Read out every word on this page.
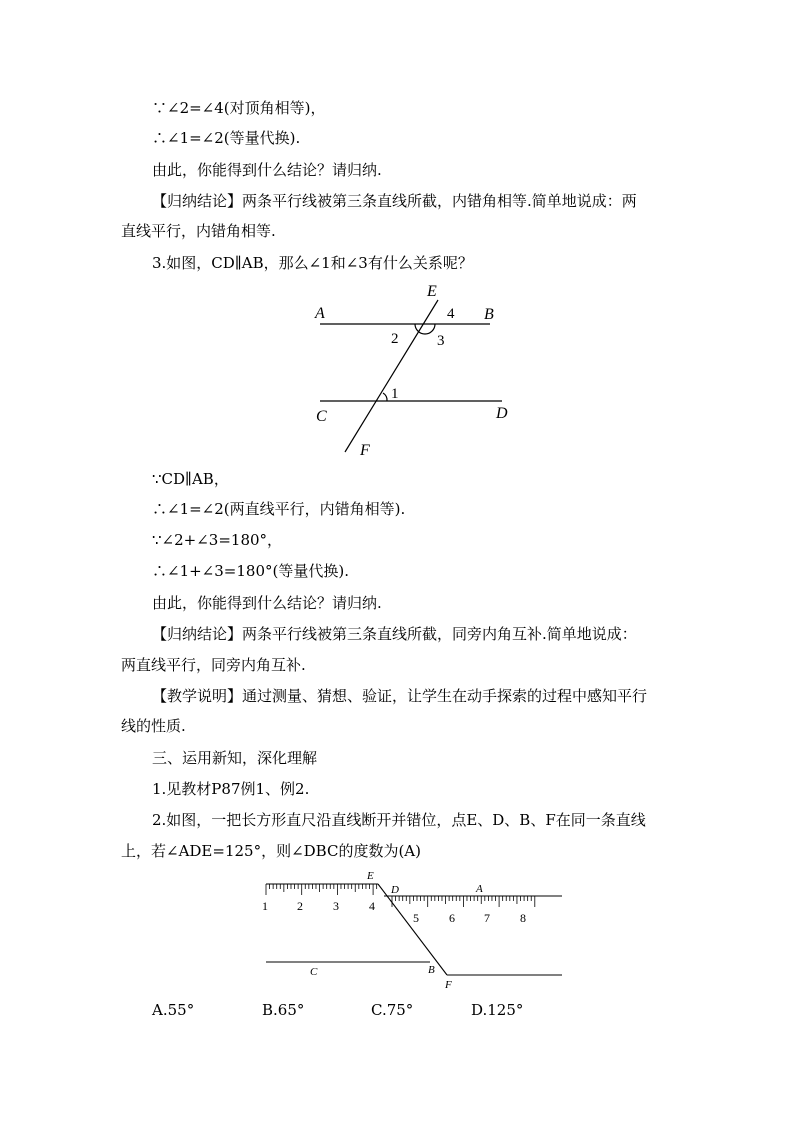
∵∠2=∠4(对顶角相等)，
∴∠1=∠2(等量代换).
由此，你能得到什么结论？请归纳.
【归纳结论】两条平行线被第三条直线所截，内错角相等.简单地说成：两
直线平行，内错角相等.
3.如图，CD∥AB，那么∠1和∠3有什么关系呢？
A	B
C	D
E
F
4
2	3
1
∵CD∥AB，
∴∠1=∠2(两直线平行，内错角相等).
∵∠2+∠3=180°，
∴∠1+∠3=180°(等量代换).
由此，你能得到什么结论？请归纳.
【归纳结论】两条平行线被第三条直线所截，同旁内角互补.简单地说成：
两直线平行，同旁内角互补.
【教学说明】通过测量、猜想、验证，让学生在动手探索的过程中感知平行
线的性质.
三、运用新知，深化理解
1.见教材P87例1、例2.
2.如图，一把长方形直尺沿直线断开并错位，点E、D、B、F在同一条直线
上，若∠ADE=125°，则∠DBC的度数为(A)
E
D	A
C	B
F
1 2	3	4
5	6 7	8
A.55°	B.65°	C.75°	D.125°
